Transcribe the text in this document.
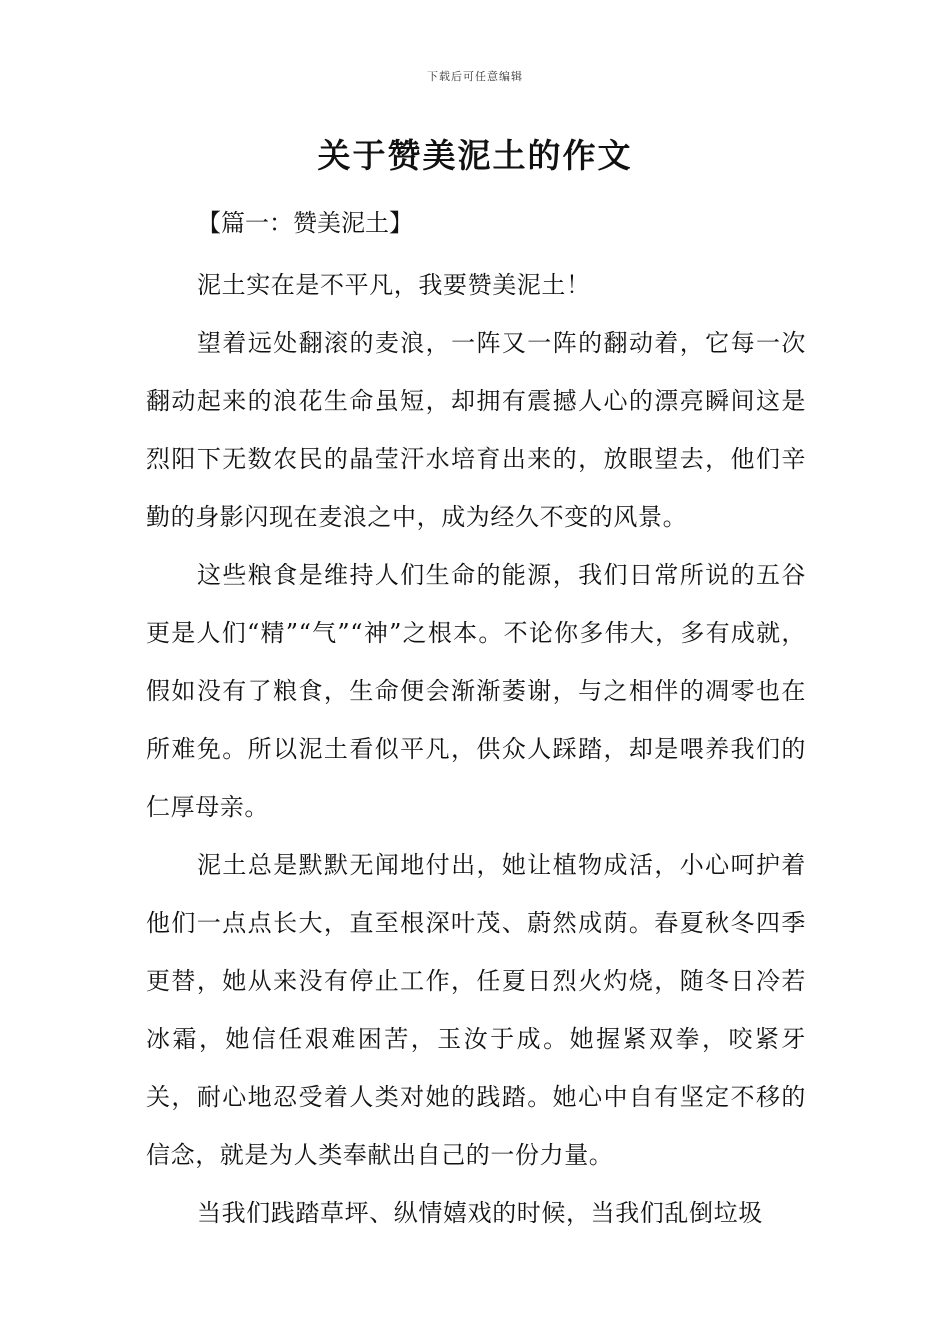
下载后可任意编辑
关于赞美泥土的作文
【篇一：赞美泥土】

泥土实在是不平凡，我要赞美泥土！

望着远处翻滚的麦浪，一阵又一阵的翻动着，它每一次翻动起来的浪花生命虽短，却拥有震撼人心的漂亮瞬间这是烈阳下无数农民的晶莹汗水培育出来的，放眼望去，他们辛勤的身影闪现在麦浪之中，成为经久不变的风景。

这些粮食是维持人们生命的能源，我们日常所说的五谷更是人们“精”“气”“神”之根本。不论你多伟大，多有成就，假如没有了粮食，生命便会渐渐萎谢，与之相伴的凋零也在所难免。所以泥土看似平凡，供众人踩踏，却是喂养我们的仁厚母亲。

泥土总是默默无闻地付出，她让植物成活，小心呵护着他们一点点长大，直至根深叶茂、蔚然成荫。春夏秋冬四季更替，她从来没有停止工作，任夏日烈火灼烧，随冬日冷若冰霜，她信任艰难困苦，玉汝于成。她握紧双拳，咬紧牙关，耐心地忍受着人类对她的践踏。她心中自有坚定不移的信念，就是为人类奉献出自己的一份力量。

当我们践踏草坪、纵情嬉戏的时候，当我们乱倒垃圾
